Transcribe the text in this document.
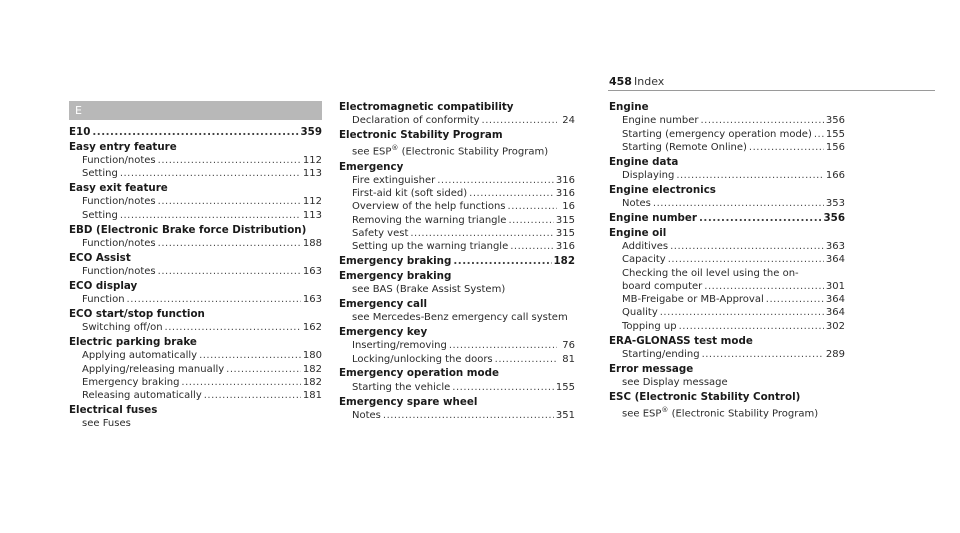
458 Index
E
E10 .....	359
Easy entry feature
Function/notes .....	112
Setting .....	113
Easy exit feature
Function/notes .....	112
Setting .....	113
EBD (Electronic Brake force Distribution)
Function/notes .....	188
ECO Assist
Function/notes .....	163
ECO display
Function .....	163
ECO start/stop function
Switching off/on .....	162
Electric parking brake
Applying automatically .....	180
Applying/releasing manually .....	182
Emergency braking .....	182
Releasing automatically .....	181
Electrical fuses
see Fuses
Electromagnetic compatibility
Declaration of conformity .....	24
Electronic Stability Program
see ESP® (Electronic Stability Program)
Emergency
Fire extinguisher .....	316
First-aid kit (soft sided) .....	316
Overview of the help functions .....	16
Removing the warning triangle .....	315
Safety vest .....	315
Setting up the warning triangle .....	316
Emergency braking .....	182
Emergency braking
see BAS (Brake Assist System)
Emergency call
see Mercedes-Benz emergency call system
Emergency key
Inserting/removing .....	76
Locking/unlocking the doors .....	81
Emergency operation mode
Starting the vehicle .....	155
Emergency spare wheel
Notes .....	351
Engine
Engine number .....	356
Starting (emergency operation mode) ..... 155
Starting (Remote Online) .....	156
Engine data
Displaying .....	166
Engine electronics
Notes .....	353
Engine number .....	356
Engine oil
Additives .....	363
Capacity .....	364
Checking the oil level using the on-
board computer .....	301
MB-Freigabe or MB-Approval .....	364
Quality .....	364
Topping up .....	302
ERA-GLONASS test mode
Starting/ending .....	289
Error message
see Display message
ESC (Electronic Stability Control)
see ESP® (Electronic Stability Program)
